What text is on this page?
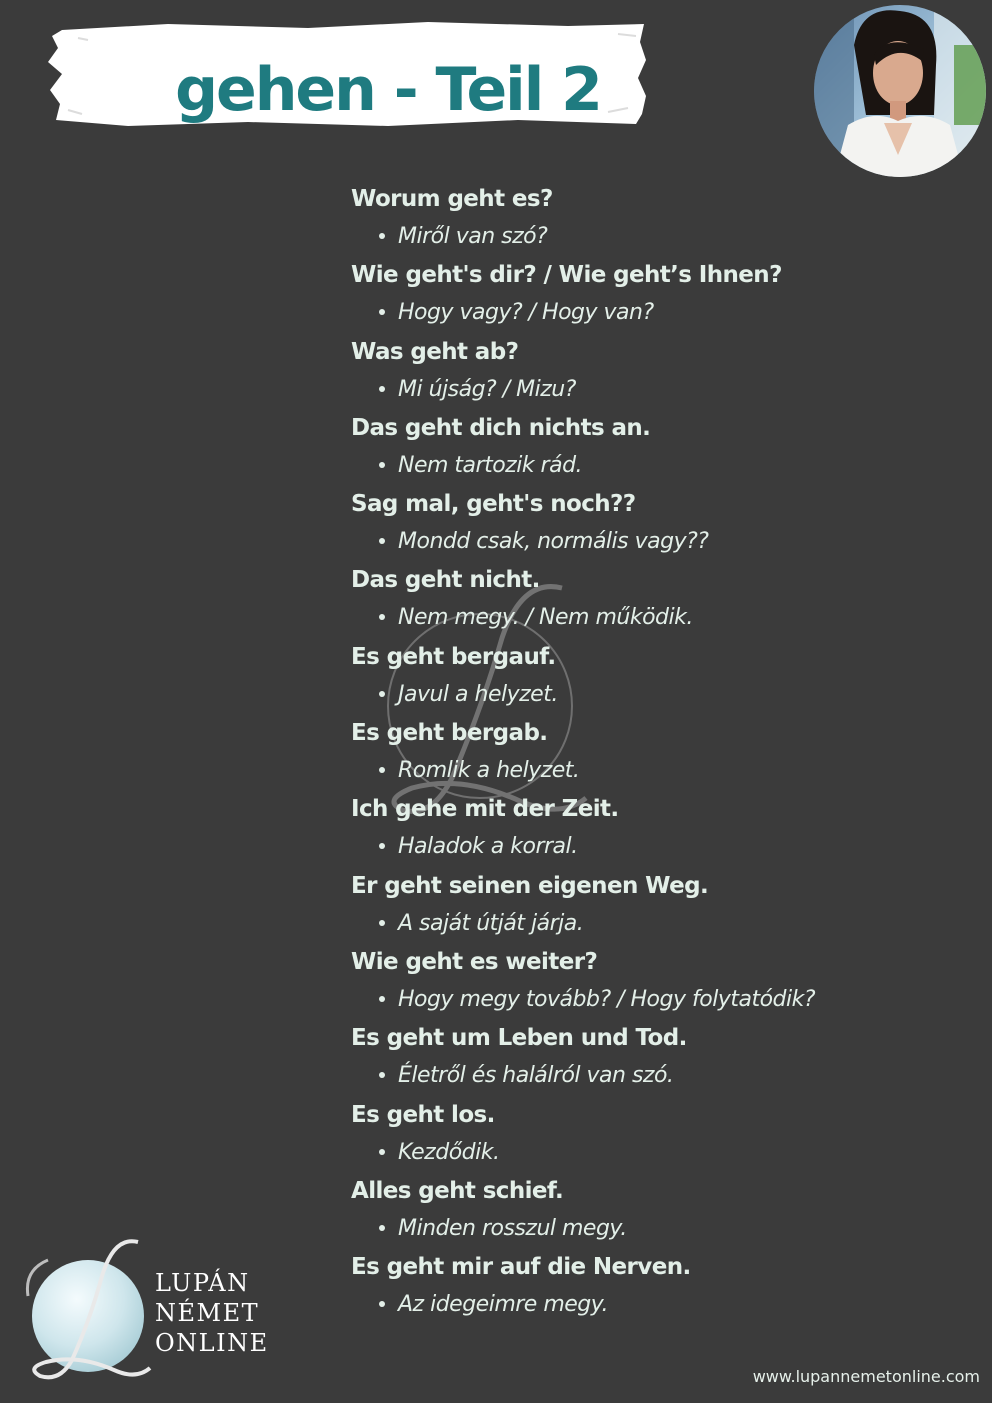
gehen - Teil 2
Worum geht es?
Miről van szó?
Wie geht's dir? / Wie geht’s Ihnen?
Hogy vagy? / Hogy van?
Was geht ab?
Mi újság? / Mizu?
Das geht dich nichts an.
Nem tartozik rád.
Sag mal, geht's noch??
Mondd csak, normális vagy??
Das geht nicht.
Nem megy. / Nem működik.
Es geht bergauf.
Javul a helyzet.
Es geht bergab.
Romlik a helyzet.
Ich gehe mit der Zeit.
Haladok a korral.
Er geht seinen eigenen Weg.
A saját útját járja.
Wie geht es weiter?
Hogy megy tovább? / Hogy folytatódik?
Es geht um Leben und Tod.
Életről és halálról van szó.
Es geht los.
Kezdődik.
Alles geht schief.
Minden rosszul megy.
Es geht mir auf die Nerven.
Az idegeimre megy.
LUPÁN
NÉMET
ONLINE
www.lupannemetonline.com
